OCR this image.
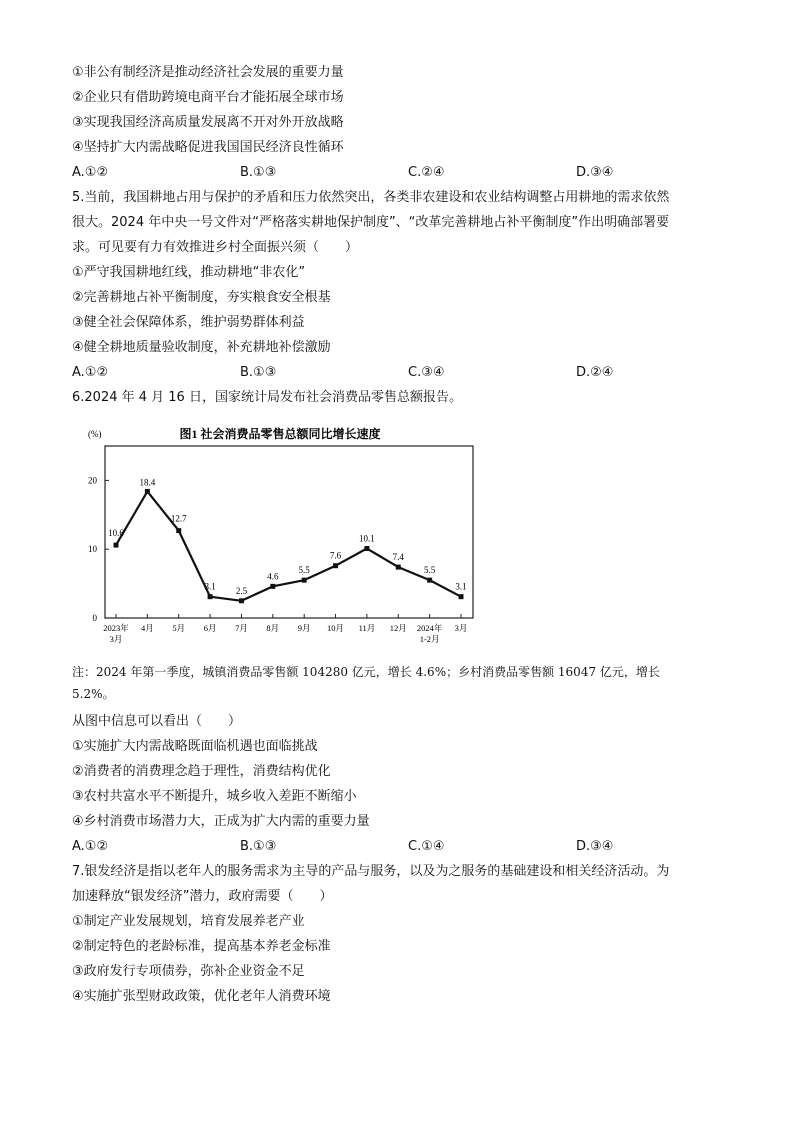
①非公有制经济是推动经济社会发展的重要力量
②企业只有借助跨境电商平台才能拓展全球市场
③实现我国经济高质量发展离不开对外开放战略
④坚持扩大内需战略促进我国国民经济良性循环
A.①②	B.①③	C.②④	D.③④
5.当前，我国耕地占用与保护的矛盾和压力依然突出，各类非农建设和农业结构调整占用耕地的需求依然
很大。2024 年中央一号文件对“严格落实耕地保护制度”、“改革完善耕地占补平衡制度”作出明确部署要
求。可见要有力有效推进乡村全面振兴须（　　）
①严守我国耕地红线，推动耕地“非农化”
②完善耕地占补平衡制度，夯实粮食安全根基
③健全社会保障体系，维护弱势群体利益
④健全耕地质量验收制度，补充耕地补偿激励
A.①②	B.①③	C.③④	D.②④
6.2024 年 4 月 16 日，国家统计局发布社会消费品零售总额报告。
图1 社会消费品零售总额同比增长速度
(%)
0
10
20
2023年
3月
4月 5月 6月 7月 8月 9月 10月 11月 12月 2024年
1-2月
3月
10.6
18.4
12.7
3.1 2.5
4.6
5.5
7.6
10.1
7.4
5.5
3.1
注：2024 年第一季度，城镇消费品零售额 104280 亿元，增长 4.6%；乡村消费品零售额 16047 亿元，增长
5.2%。
从图中信息可以看出（　　）
①实施扩大内需战略既面临机遇也面临挑战
②消费者的消费理念趋于理性，消费结构优化
③农村共富水平不断提升，城乡收入差距不断缩小
④乡村消费市场潜力大，正成为扩大内需的重要力量
A.①②	B.①③	C.①④	D.③④
7.银发经济是指以老年人的服务需求为主导的产品与服务，以及为之服务的基础建设和相关经济活动。为
加速释放“银发经济”潜力，政府需要（　　）
①制定产业发展规划，培育发展养老产业
②制定特色的老龄标准，提高基本养老金标准
③政府发行专项债券，弥补企业资金不足
④实施扩张型财政政策，优化老年人消费环境
